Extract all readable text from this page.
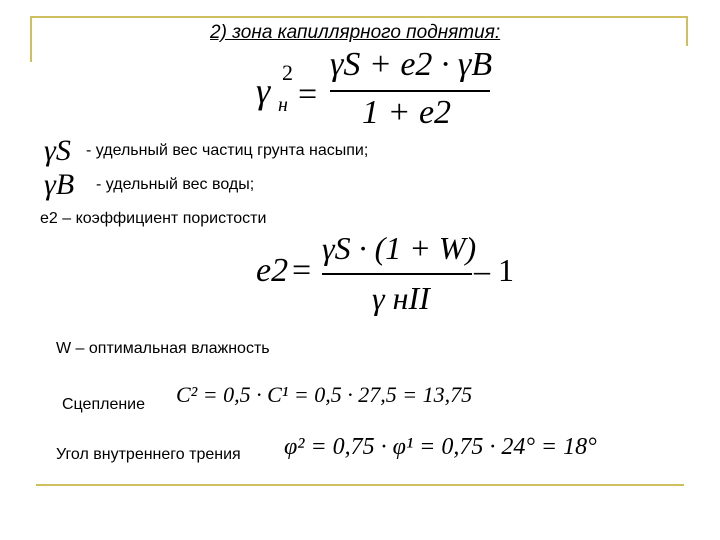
2) зона капиллярного поднятия:
γ 2
н =
γS + e2 · γB
1 + e2
γS - удельный вес частиц грунта насыпи;
γB - удельный вес воды;
е2 – коэффициент пористости
e2 =
γS · (1 + W)
γ нII
– 1
W – оптимальная влажность
Сцепление C² = 0,5 · C¹ = 0,5 · 27,5 = 13,75
Угол внутреннего трения φ² = 0,75 · φ¹ = 0,75 · 24° = 18°
